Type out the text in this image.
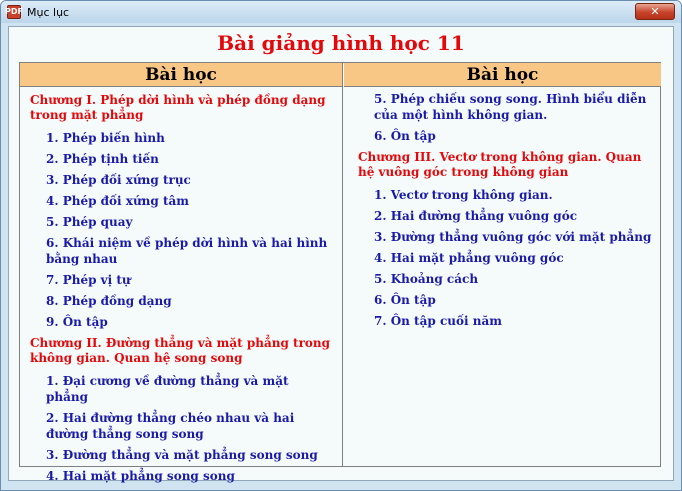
PDF Mục lục	✕
Bài giảng hình học 11
Bài học
Chương I. Phép dời hình và phép đồng dạng trong mặt phẳng
1. Phép biến hình
2. Phép tịnh tiến
3. Phép đối xứng trục
4. Phép đối xứng tâm
5. Phép quay
6. Khái niệm về phép dời hình và hai hình bằng nhau
7. Phép vị tự
8. Phép đồng dạng
9. Ôn tập
Chương II. Đường thẳng và mặt phẳng trong không gian. Quan hệ song song
1. Đại cương về đường thẳng và mặt phẳng
2. Hai đường thẳng chéo nhau và hai đường thẳng song song
3. Đường thẳng và mặt phẳng song song
4. Hai mặt phẳng song song
Bài học
5. Phép chiếu song song. Hình biểu diễn của một hình không gian.
6. Ôn tập
Chương III. Vectơ trong không gian. Quan hệ vuông góc trong không gian
1. Vectơ trong không gian.
2. Hai đường thẳng vuông góc
3. Đường thẳng vuông góc với mặt phẳng
4. Hai mặt phẳng vuông góc
5. Khoảng cách
6. Ôn tập
7. Ôn tập cuối năm
